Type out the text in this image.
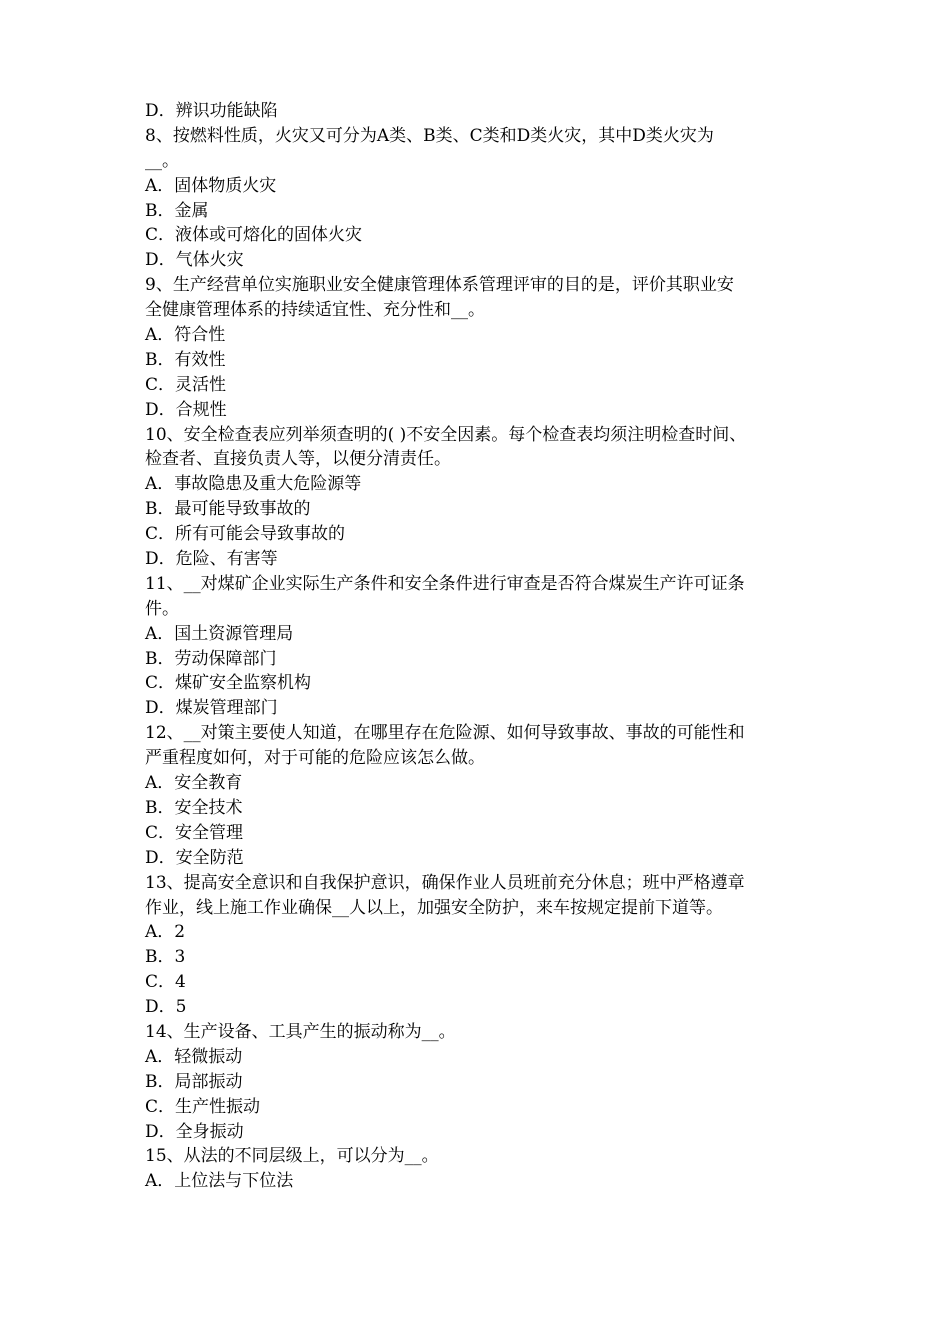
D．辨识功能缺陷
8、按燃料性质，火灾又可分为A类、B类、C类和D类火灾，其中D类火灾为
__。
A．固体物质火灾
B．金属
C．液体或可熔化的固体火灾
D．气体火灾
9、生产经营单位实施职业安全健康管理体系管理评审的目的是，评价其职业安
全健康管理体系的持续适宜性、充分性和__。
A．符合性
B．有效性
C．灵活性
D．合规性
10、安全检查表应列举须查明的( )不安全因素。每个检查表均须注明检查时间、
检查者、直接负责人等，以便分清责任。
A．事故隐患及重大危险源等
B．最可能导致事故的
C．所有可能会导致事故的
D．危险、有害等
11、__对煤矿企业实际生产条件和安全条件进行审查是否符合煤炭生产许可证条
件。
A．国土资源管理局
B．劳动保障部门
C．煤矿安全监察机构
D．煤炭管理部门
12、__对策主要使人知道，在哪里存在危险源、如何导致事故、事故的可能性和
严重程度如何，对于可能的危险应该怎么做。
A．安全教育
B．安全技术
C．安全管理
D．安全防范
13、提高安全意识和自我保护意识，确保作业人员班前充分休息；班中严格遵章
作业，线上施工作业确保__人以上，加强安全防护，来车按规定提前下道等。
A．2
B．3
C．4
D．5
14、生产设备、工具产生的振动称为__。
A．轻微振动
B．局部振动
C．生产性振动
D．全身振动
15、从法的不同层级上，可以分为__。
A．上位法与下位法
